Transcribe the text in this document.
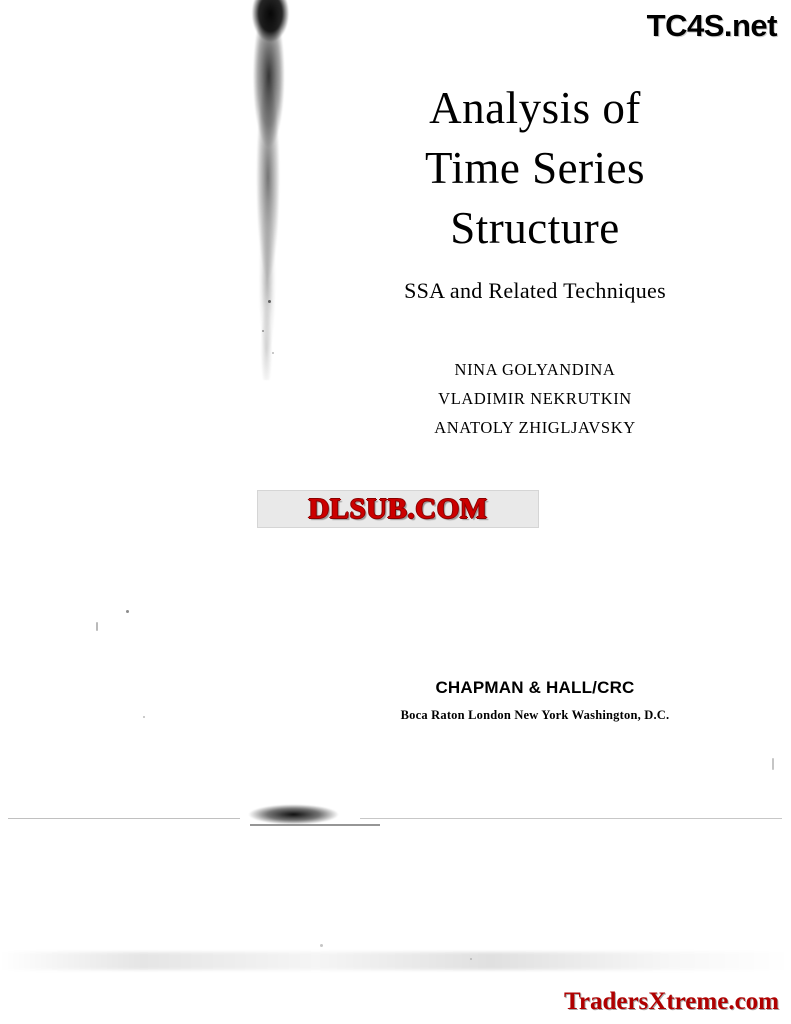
TC4S.net
Analysis of
Time Series
Structure
SSA and Related Techniques
NINA GOLYANDINA
VLADIMIR NEKRUTKIN
ANATOLY ZHIGLJAVSKY
DLSUB.COM
CHAPMAN & HALL/CRC
Boca Raton London New York Washington, D.C.
TradersXtreme.com
